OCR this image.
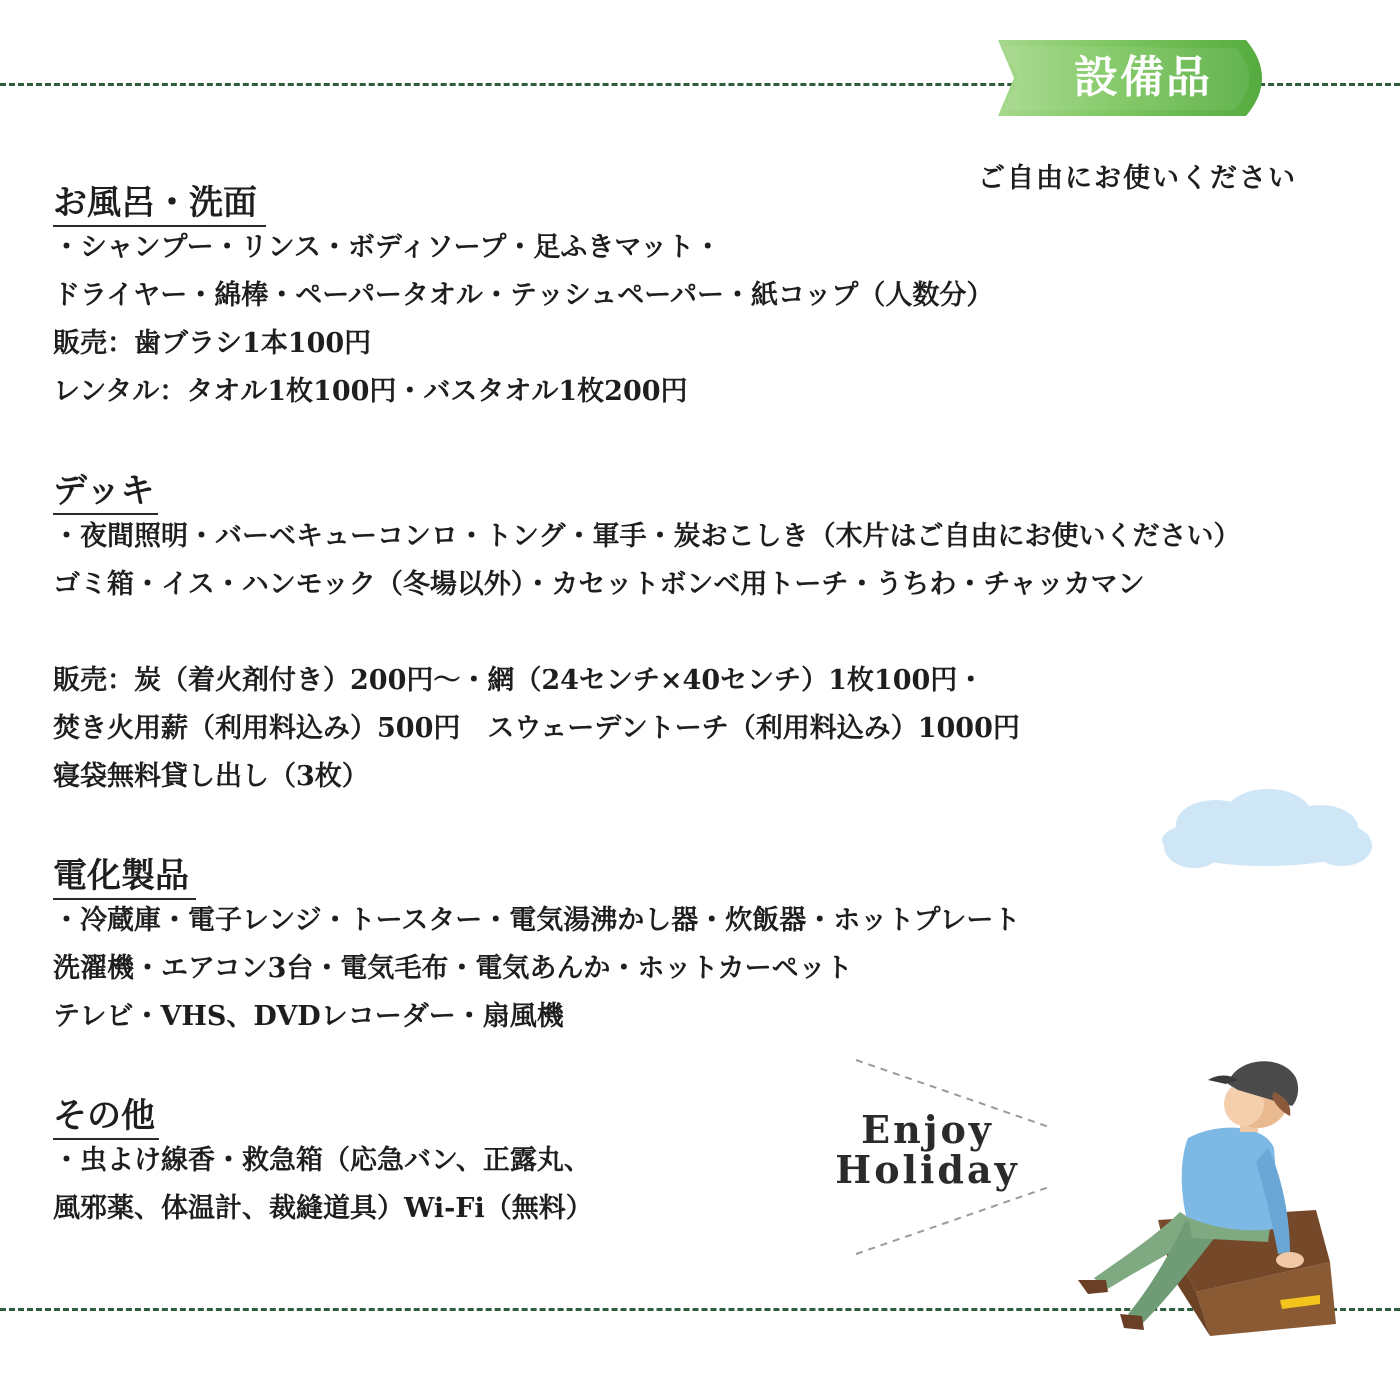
設備品
ご自由にお使いください
お風呂・洗面
・シャンプー・リンス・ボディソープ・足ふきマット・
ドライヤー・綿棒・ペーパータオル・テッシュペーパー・紙コップ（人数分）
販売：歯ブラシ1本100円
レンタル：タオル1枚100円・バスタオル1枚200円
デッキ
・夜間照明・バーベキューコンロ・トング・軍手・炭おこしき（木片はご自由にお使いください）
ゴミ箱・イス・ハンモック（冬場以外）・カセットボンベ用トーチ・うちわ・チャッカマン
販売：炭（着火剤付き）200円〜・網（24センチ×40センチ）1枚100円・
焚き火用薪（利用料込み）500円　スウェーデントーチ（利用料込み）1000円
寝袋無料貸し出し（3枚）
電化製品
・冷蔵庫・電子レンジ・トースター・電気湯沸かし器・炊飯器・ホットプレート
洗濯機・エアコン3台・電気毛布・電気あんか・ホットカーペット
テレビ・VHS、DVDレコーダー・扇風機
その他
・虫よけ線香・救急箱（応急バン、正露丸、
風邪薬、体温計、裁縫道具）Wi-Fi（無料）
Enjoy
Holiday
